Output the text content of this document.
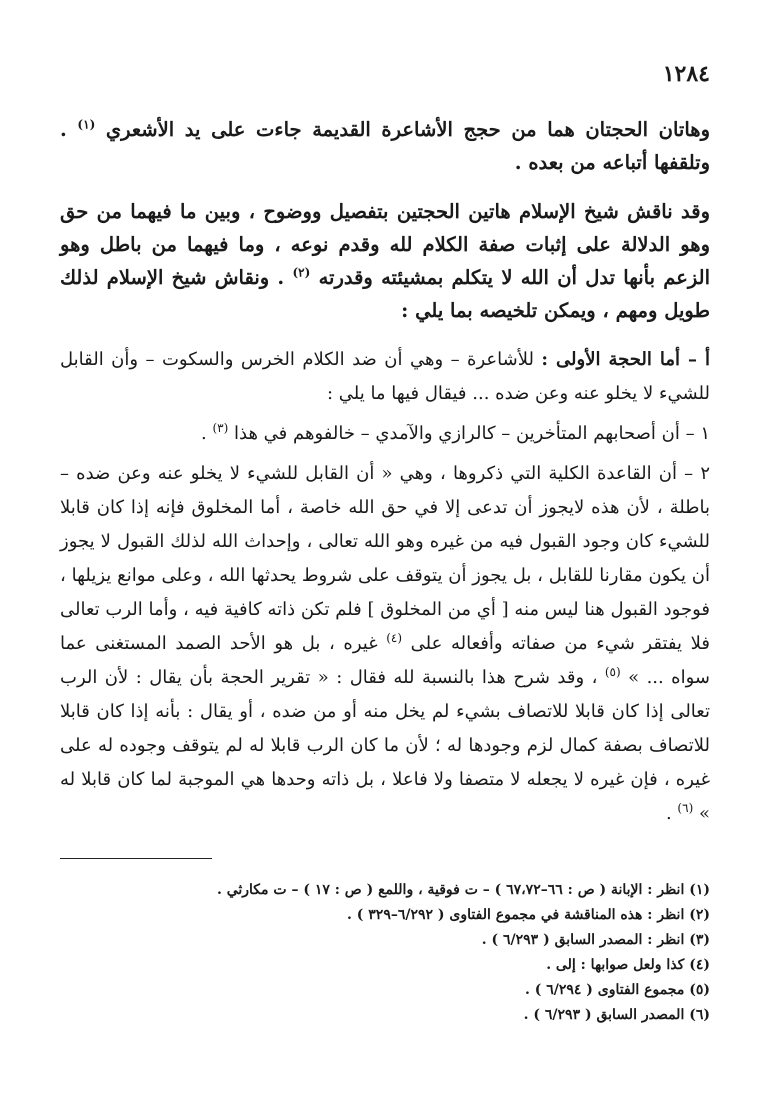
١٢٨٤

وهاتان الحجتان هما من حجج الأشاعرة القديمة جاءت على يد الأشعري $^{(١)}$ . وتلقفها أتباعه من بعده .

وقد ناقش شيخ الإسلام هاتين الحجتين بتفصيل ووضوح ، وبين ما فيهما من حق وهو الدلالة على إثبات صفة الكلام لله وقدم نوعه ، وما فيهما من باطل وهو الزعم بأنها تدل أن الله لا يتكلم بمشيئته وقدرته $^{(٢)}$ . ونقاش شيخ الإسلام لذلك طويل ومهم ، ويمكن تلخيصه بما يلي :

أ – أما الحجة الأولى : للأشاعرة – وهي أن ضد الكلام الخرس والسكوت – وأن القابل للشيء لا يخلو عنه وعن ضده ... فيقال فيها ما يلي :

١ – أن أصحابهم المتأخرين – كالرازي والآمدي – خالفوهم في هذا $^{(٣)}$ .

٢ – أن القاعدة الكلية التي ذكروها ، وهي « أن القابل للشيء لا يخلو عنه وعن ضده – باطلة ، لأن هذه لايجوز أن تدعى إلا في حق الله خاصة ، أما المخلوق فإنه إذا كان قابلا للشيء كان وجود القبول فيه من غيره وهو الله تعالى ، وإحداث الله لذلك القبول لا يجوز أن يكون مقارنا للقابل ، بل يجوز أن يتوقف على شروط يحدثها الله ، وعلى موانع يزيلها ، فوجود القبول هنا ليس منه [ أي من المخلوق ] فلم تكن ذاته كافية فيه ، وأما الرب تعالى فلا يفتقر شيء من صفاته وأفعاله على $^{(٤)}$ غيره ، بل هو الأحد الصمد المستغنى عما سواه ... » $^{(٥)}$ ، وقد شرح هذا بالنسبة لله فقال : « تقرير الحجة بأن يقال : لأن الرب تعالى إذا كان قابلا للاتصاف بشيء لم يخل منه أو من ضده ، أو يقال : بأنه إذا كان قابلا للاتصاف بصفة كمال لزم وجودها له ؛ لأن ما كان الرب قابلا له لم يتوقف وجوده له على غيره ، فإن غيره لا يجعله لا متصفا ولا فاعلا ، بل ذاته وحدها هي الموجبة لما كان قابلا له » $^{(٦)}$ .

(١) انظر : الإبانة ( ص : ٦٦–٦٧،٧٢ ) – ت فوقية ، واللمع ( ص : ١٧ ) – ت مكارثي .
(٢) انظر : هذه المناقشة في مجموع الفتاوى ( ٦/٢٩٢–٣٢٩ ) .
(٣) انظر : المصدر السابق ( ٦/٢٩٣ ) .
(٤) كذا ولعل صوابها : إلى .
(٥) مجموع الفتاوى ( ٦/٢٩٤ ) .
(٦) المصدر السابق ( ٦/٢٩٣ ) .
